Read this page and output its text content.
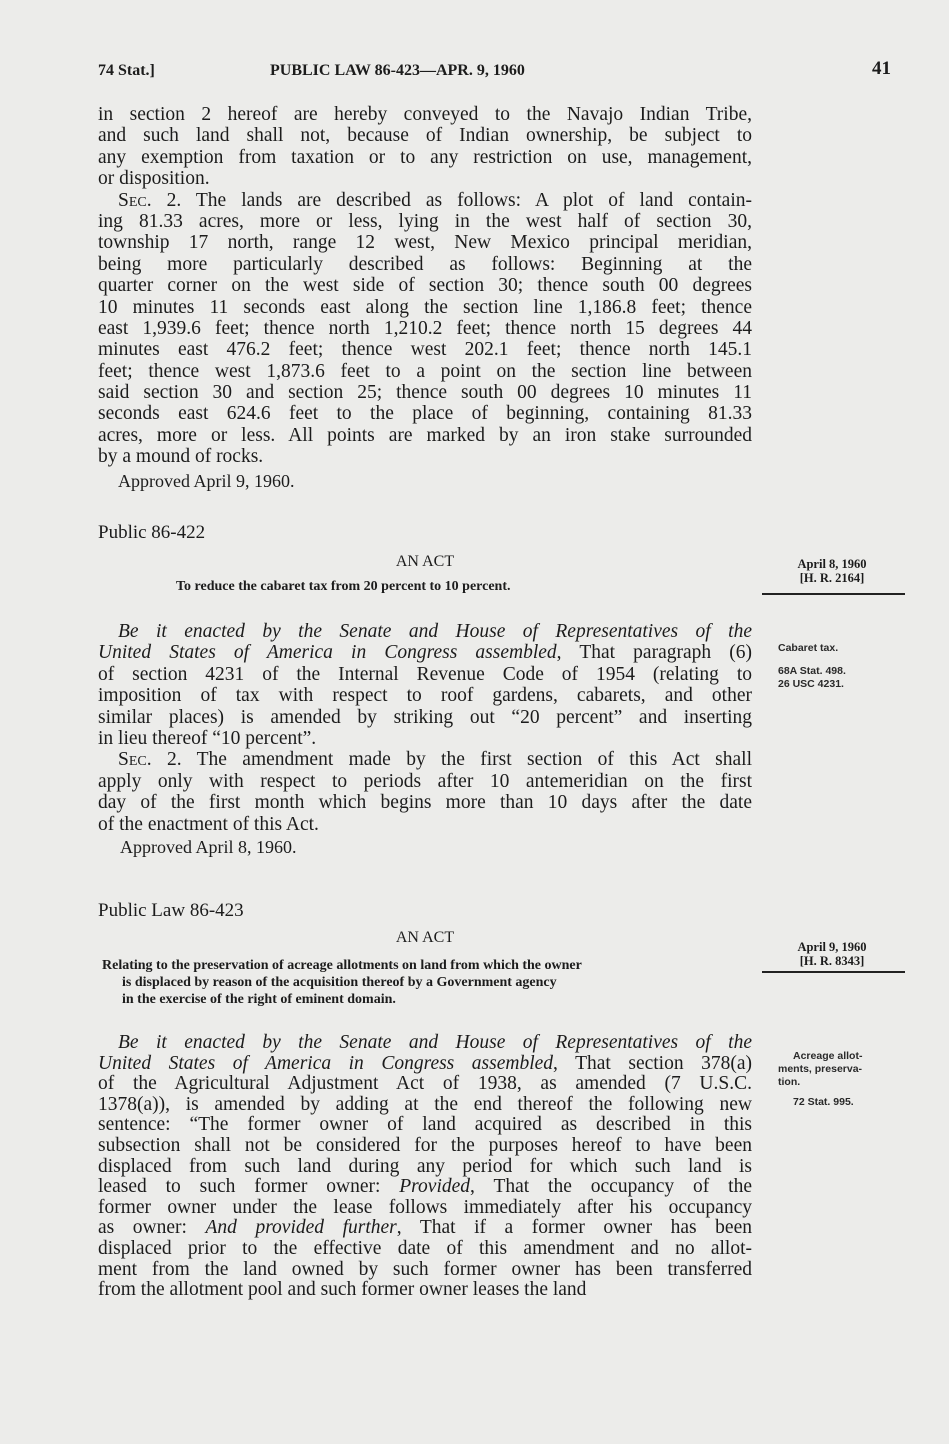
74 Stat.]	PUBLIC LAW 86-423—APR. 9, 1960	41
in section 2 hereof are hereby conveyed to the Navajo Indian Tribe,
and such land shall not, because of Indian ownership, be subject to
any exemption from taxation or to any restriction on use, management,
or disposition.
Sec. 2. The lands are described as follows: A plot of land contain-
ing 81.33 acres, more or less, lying in the west half of section 30,
township 17 north, range 12 west, New Mexico principal meridian,
being more particularly described as follows: Beginning at the
quarter corner on the west side of section 30; thence south 00 degrees
10 minutes 11 seconds east along the section line 1,186.8 feet; thence
east 1,939.6 feet; thence north 1,210.2 feet; thence north 15 degrees 44
minutes east 476.2 feet; thence west 202.1 feet; thence north 145.1
feet; thence west 1,873.6 feet to a point on the section line between
said section 30 and section 25; thence south 00 degrees 10 minutes 11
seconds east 624.6 feet to the place of beginning, containing 81.33
acres, more or less. All points are marked by an iron stake surrounded
by a mound of rocks.
Approved April 9, 1960.
Public 86-422
AN ACT
To reduce the cabaret tax from 20 percent to 10 percent.
April 8, 1960
[H. R. 2164]
Be it enacted by the Senate and House of Representatives of the
United States of America in Congress assembled, That paragraph (6)
of section 4231 of the Internal Revenue Code of 1954 (relating to
imposition of tax with respect to roof gardens, cabarets, and other
similar places) is amended by striking out “20 percent” and inserting
in lieu thereof “10 percent”.
Sec. 2. The amendment made by the first section of this Act shall
apply only with respect to periods after 10 antemeridian on the first
day of the first month which begins more than 10 days after the date
of the enactment of this Act.
Approved April 8, 1960.
Cabaret tax.
68A Stat. 498.
26 USC 4231.
Public Law 86-423
AN ACT
Relating to the preservation of acreage allotments on land from which the owner
is displaced by reason of the acquisition thereof by a Government agency
in the exercise of the right of eminent domain.
April 9, 1960
[H. R. 8343]
Be it enacted by the Senate and House of Representatives of the
United States of America in Congress assembled, That section 378(a)
of the Agricultural Adjustment Act of 1938, as amended (7 U.S.C.
1378(a)), is amended by adding at the end thereof the following new
sentence: “The former owner of land acquired as described in this
subsection shall not be considered for the purposes hereof to have been
displaced from such land during any period for which such land is
leased to such former owner: Provided, That the occupancy of the
former owner under the lease follows immediately after his occupancy
as owner: And provided further, That if a former owner has been
displaced prior to the effective date of this amendment and no allot-
ment from the land owned by such former owner has been transferred
from the allotment pool and such former owner leases the land
Acreage allot-
ments, preserva-
tion.
72 Stat. 995.
